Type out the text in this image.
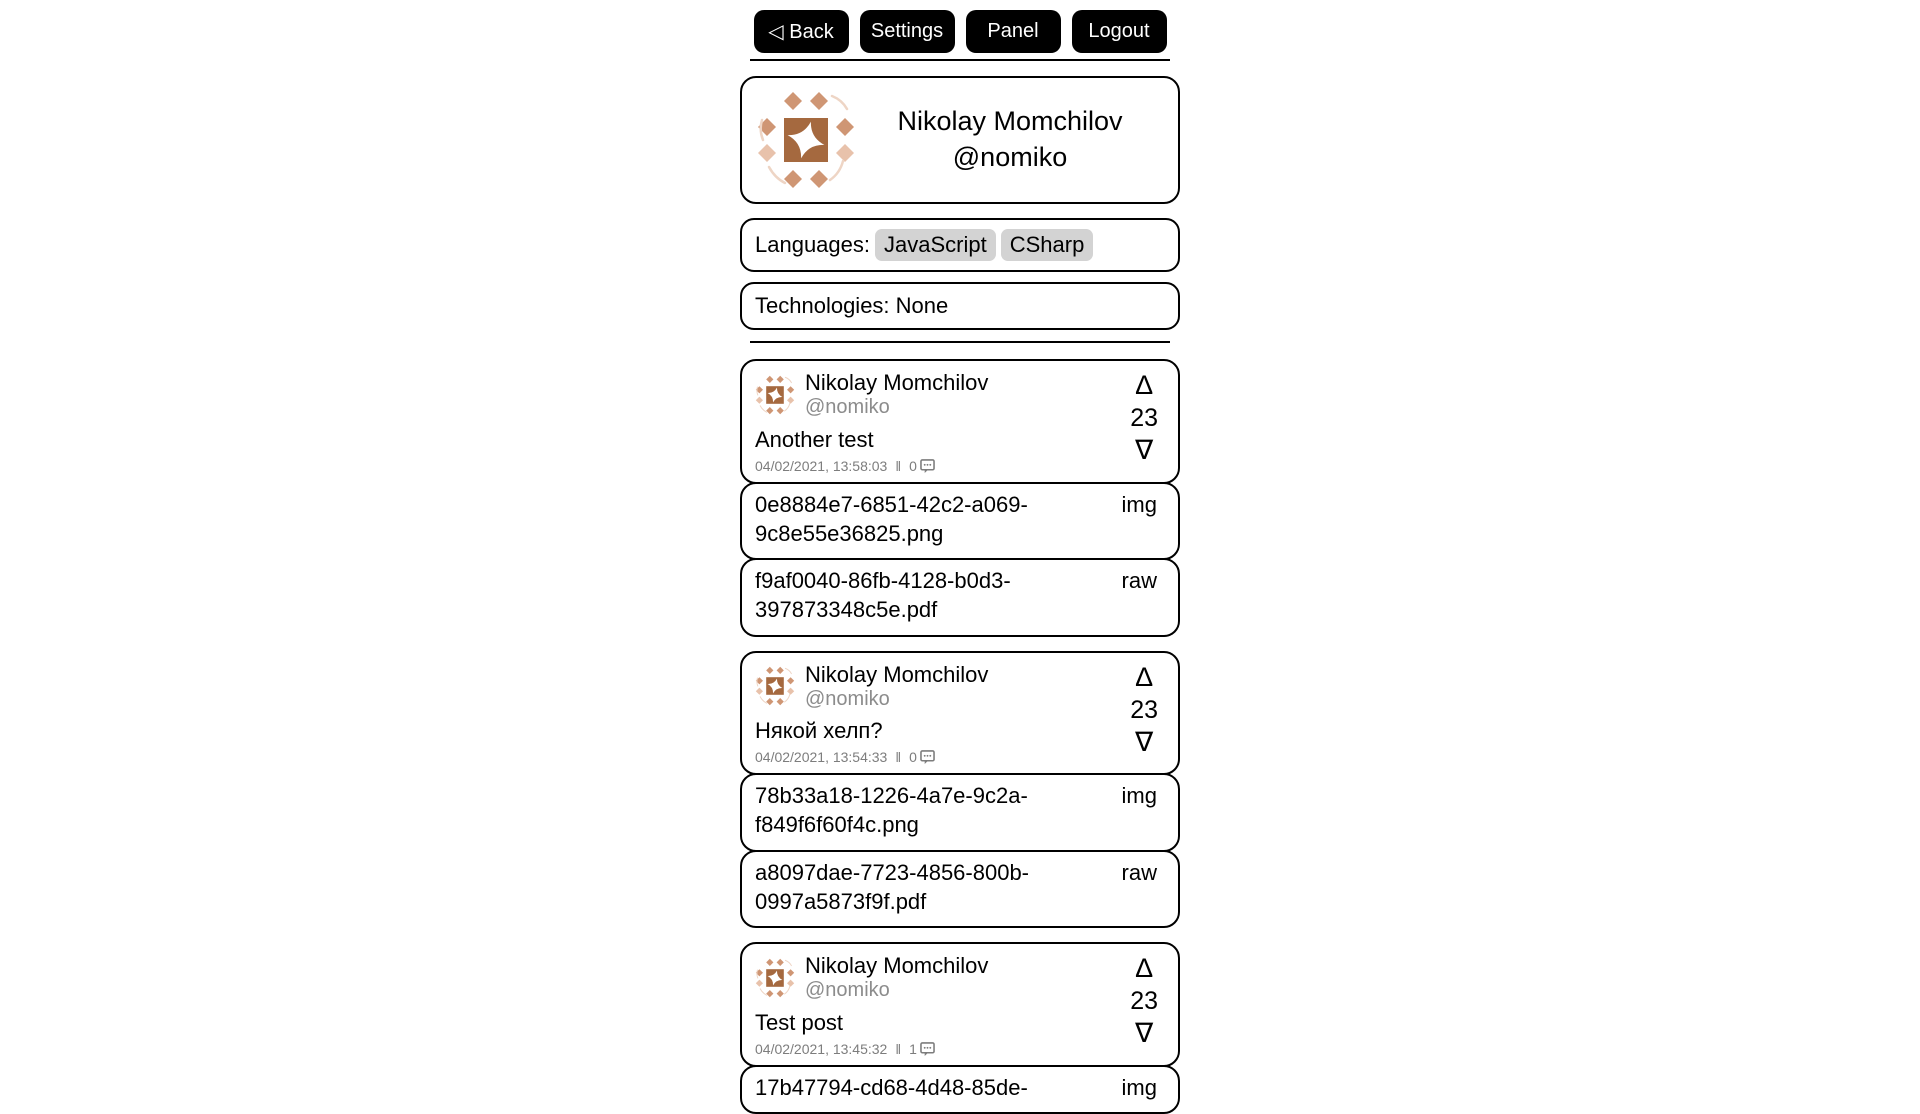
◁ Back	Settings	Panel	Logout
Nikolay Momchilov
@nomiko
Languages: JavaScript CSharp
Technologies: None
Nikolay Momchilov
@nomiko
Another test
04/02/2021, 13:58:03 ‖ 0
Δ
23
∇
0e8884e7-6851-42c2-a069-9c8e55e36825.png
img
f9af0040-86fb-4128-b0d3-397873348c5e.pdf
raw
Nikolay Momchilov
@nomiko
Някой хелп?
04/02/2021, 13:54:33 ‖ 0
Δ
23
∇
78b33a18-1226-4a7e-9c2a-f849f6f60f4c.png
img
a8097dae-7723-4856-800b-0997a5873f9f.pdf
raw
Nikolay Momchilov
@nomiko
Test post
04/02/2021, 13:45:32 ‖ 1
Δ
23
∇
17b47794-cd68-4d48-85de-	img
